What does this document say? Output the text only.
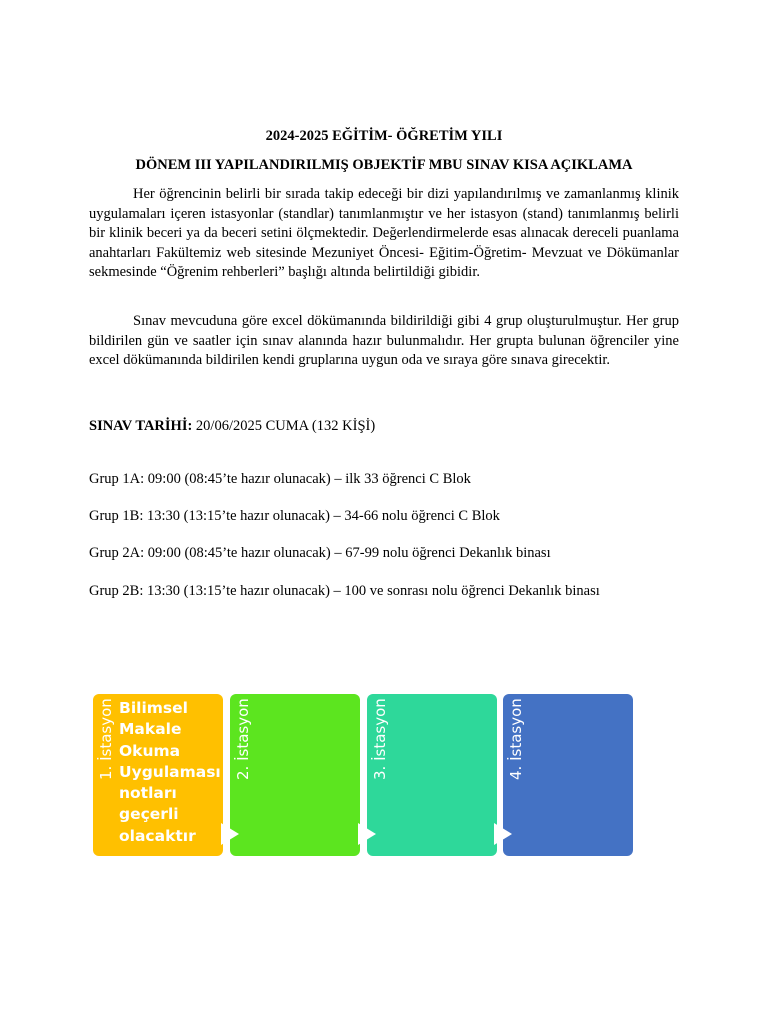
2024-2025 EĞİTİM- ÖĞRETİM YILI

DÖNEM III YAPILANDIRILMIŞ OBJEKTİF MBU SINAV KISA AÇIKLAMA

Her öğrencinin belirli bir sırada takip edeceği bir dizi yapılandırılmış ve zamanlanmış klinik uygulamaları içeren istasyonlar (standlar) tanımlanmıştır ve her istasyon (stand) tanımlanmış belirli bir klinik beceri ya da beceri setini ölçmektedir. Değerlendirmelerde esas alınacak dereceli puanlama anahtarları Fakültemiz web sitesinde Mezuniyet Öncesi- Eğitim-Öğretim- Mevzuat ve Dökümanlar sekmesinde “Öğrenim rehberleri” başlığı altında belirtildiği gibidir.

Sınav mevcuduna göre excel dökümanında bildirildiği gibi 4 grup oluşturulmuştur. Her grup bildirilen gün ve saatler için sınav alanında hazır bulunmalıdır. Her grupta bulunan öğrenciler yine excel dökümanında bildirilen kendi gruplarına uygun oda ve sıraya göre sınava girecektir.

SINAV TARİHİ: 20/06/2025 CUMA (132 KİŞİ)

Grup 1A: 09:00 (08:45’te hazır olunacak) – ilk 33 öğrenci C Blok

Grup 1B: 13:30 (13:15’te hazır olunacak) – 34-66 nolu öğrenci C Blok

Grup 2A: 09:00 (08:45’te hazır olunacak) – 67-99 nolu öğrenci Dekanlık binası

Grup 2B: 13:30 (13:15’te hazır olunacak) – 100 ve sonrası nolu öğrenci Dekanlık binası

1. İstasyon Bilimsel
Makale
Okuma
Uygulaması
notları
geçerli
olacaktır
2. İstasyon	3. İstasyon	4. İstasyon
